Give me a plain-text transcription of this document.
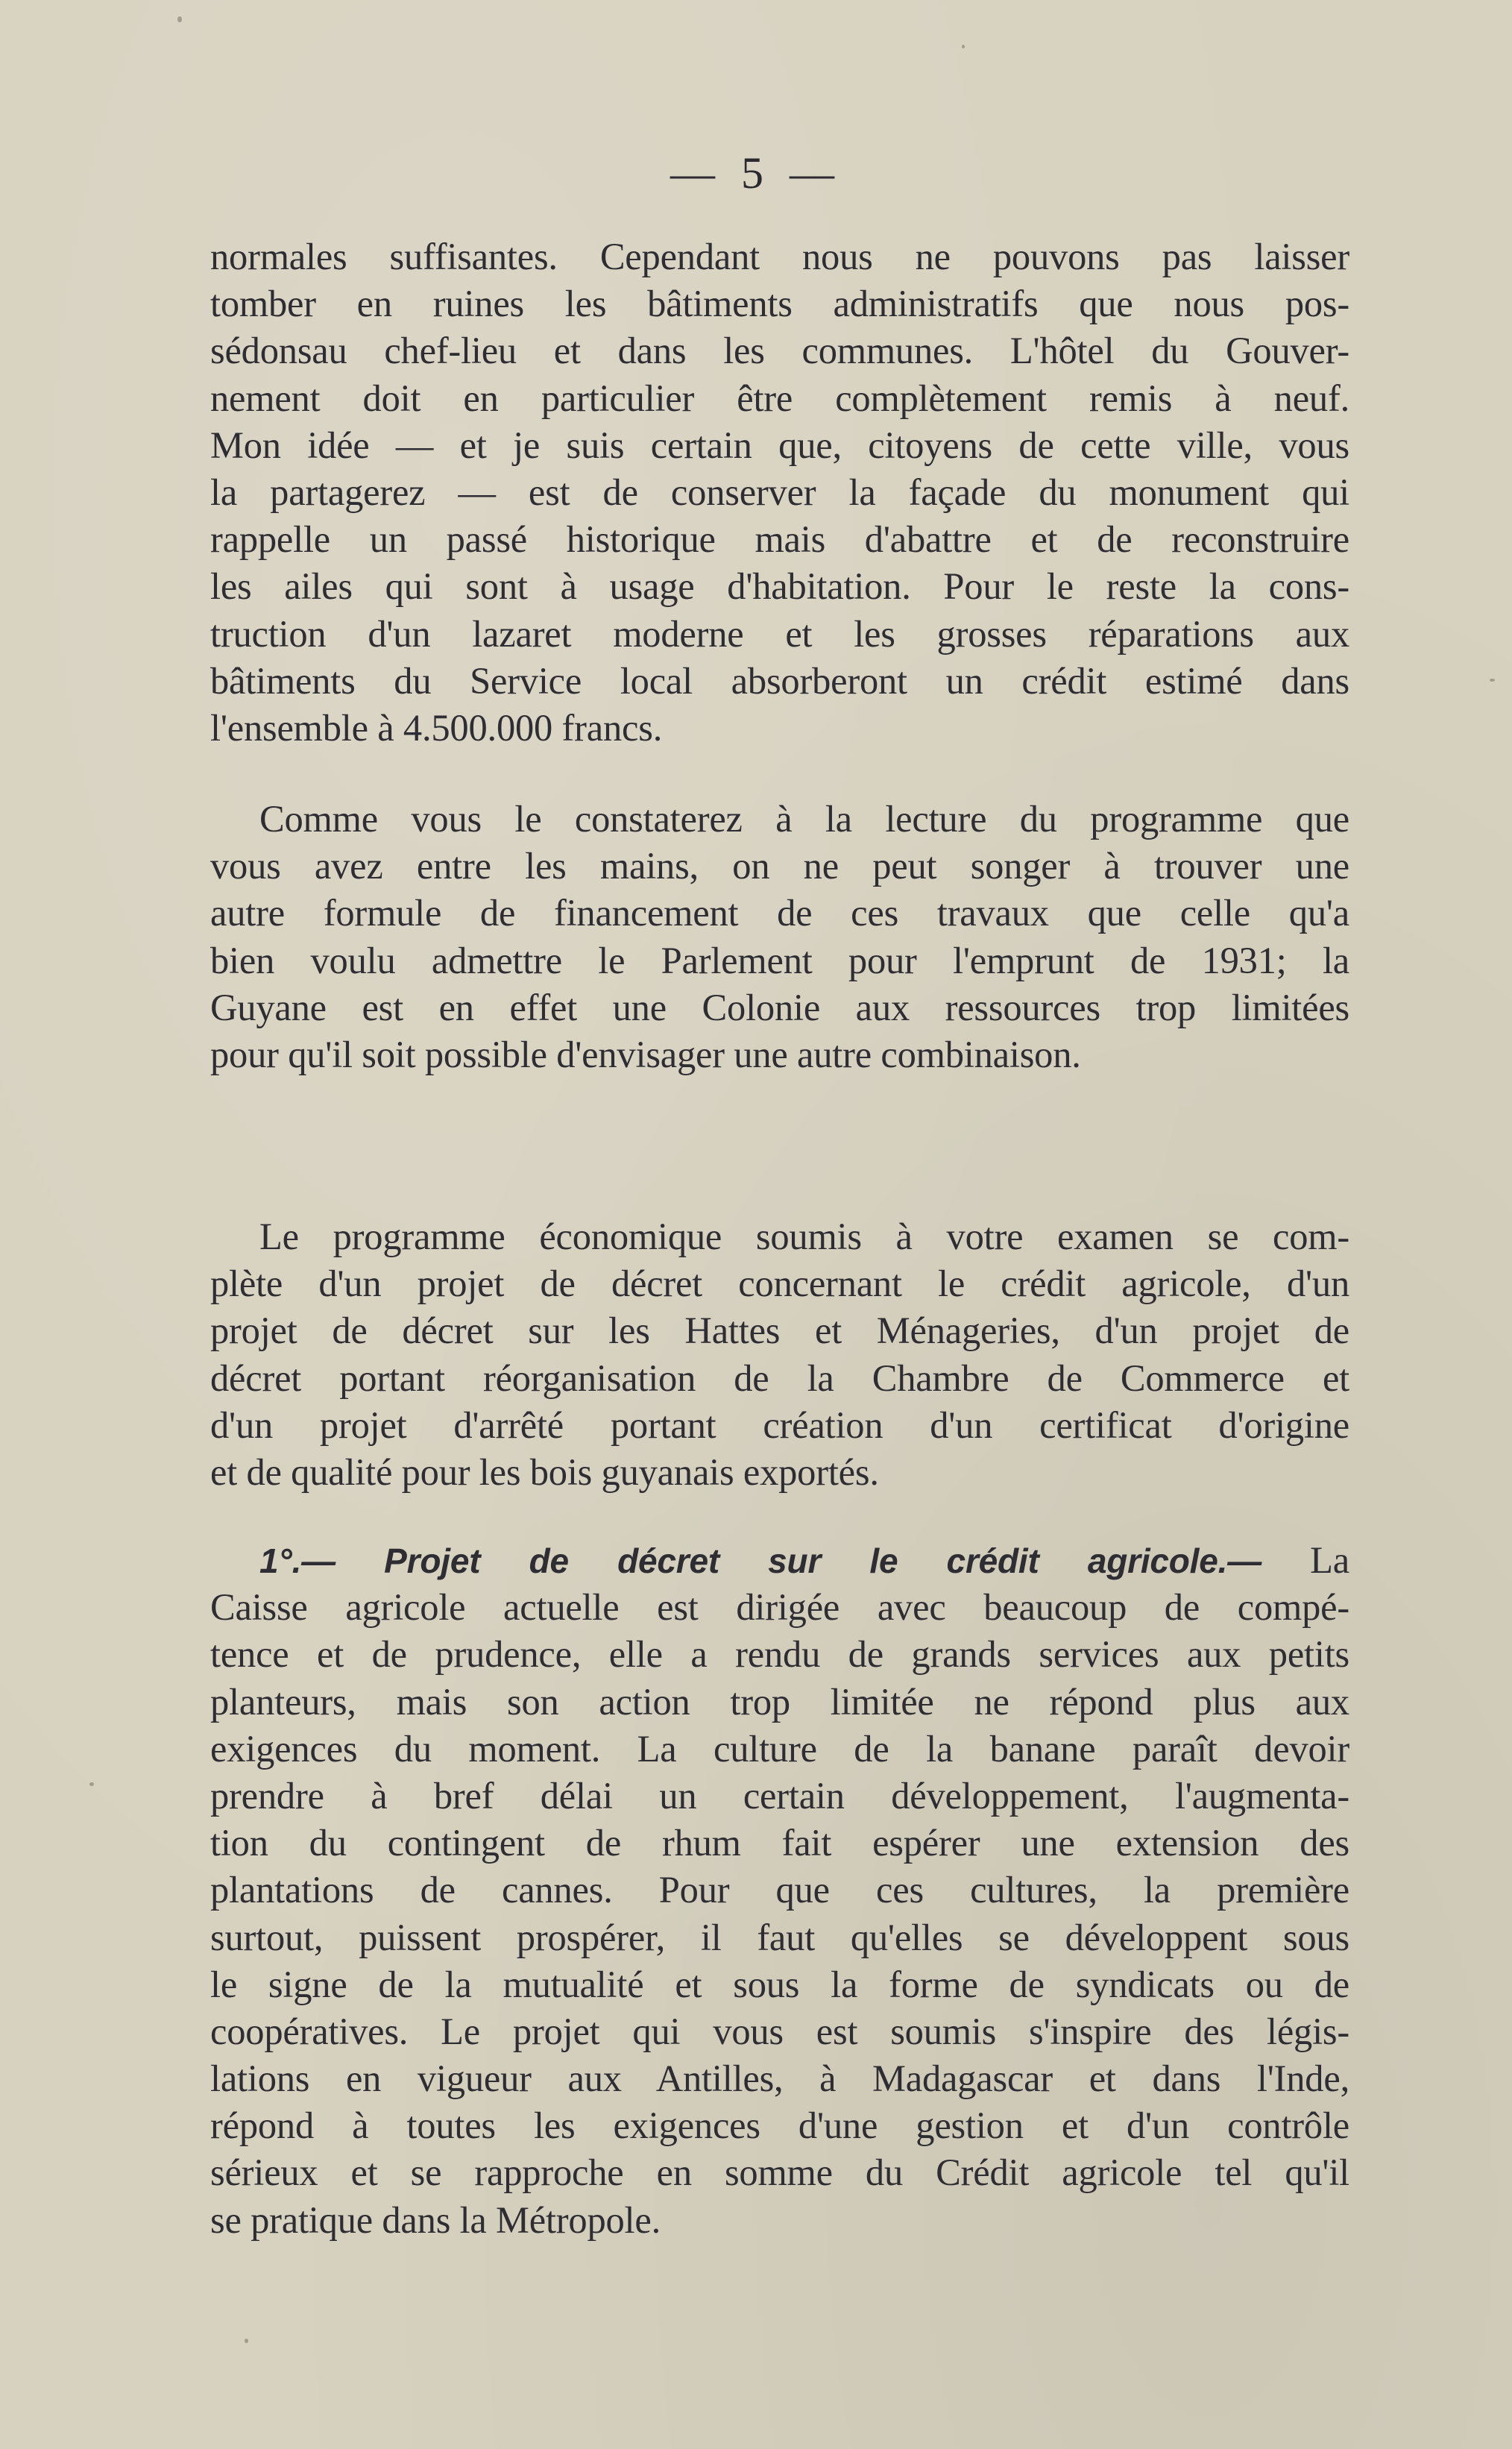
— 5 —
normales suffisantes. Cependant nous ne pouvons pas laisser
tomber en ruines les bâtiments administratifs que nous pos-
sédonsau chef-lieu et dans les communes. L'hôtel du Gouver-
nement doit en particulier être complètement remis à neuf.
Mon idée — et je suis certain que, citoyens de cette ville, vous
la partagerez — est de conserver la façade du monument qui
rappelle un passé historique mais d'abattre et de reconstruire
les ailes qui sont à usage d'habitation. Pour le reste la cons-
truction d'un lazaret moderne et les grosses réparations aux
bâtiments du Service local absorberont un crédit estimé dans
l'ensemble à 4.500.000 francs.
Comme vous le constaterez à la lecture du programme que
vous avez entre les mains, on ne peut songer à trouver une
autre formule de financement de ces travaux que celle qu'a
bien voulu admettre le Parlement pour l'emprunt de 1931; la
Guyane est en effet une Colonie aux ressources trop limitées
pour qu'il soit possible d'envisager une autre combinaison.
Le programme économique soumis à votre examen se com-
plète d'un projet de décret concernant le crédit agricole, d'un
projet de décret sur les Hattes et Ménageries, d'un projet de
décret portant réorganisation de la Chambre de Commerce et
d'un projet d'arrêté portant création d'un certificat d'origine
et de qualité pour les bois guyanais exportés.
1°.— Projet de décret sur le crédit agricole.— La
Caisse agricole actuelle est dirigée avec beaucoup de compé-
tence et de prudence, elle a rendu de grands services aux petits
planteurs, mais son action trop limitée ne répond plus aux
exigences du moment. La culture de la banane paraît devoir
prendre à bref délai un certain développement, l'augmenta-
tion du contingent de rhum fait espérer une extension des
plantations de cannes. Pour que ces cultures, la première
surtout, puissent prospérer, il faut qu'elles se développent sous
le signe de la mutualité et sous la forme de syndicats ou de
coopératives. Le projet qui vous est soumis s'inspire des légis-
lations en vigueur aux Antilles, à Madagascar et dans l'Inde,
répond à toutes les exigences d'une gestion et d'un contrôle
sérieux et se rapproche en somme du Crédit agricole tel qu'il
se pratique dans la Métropole.
